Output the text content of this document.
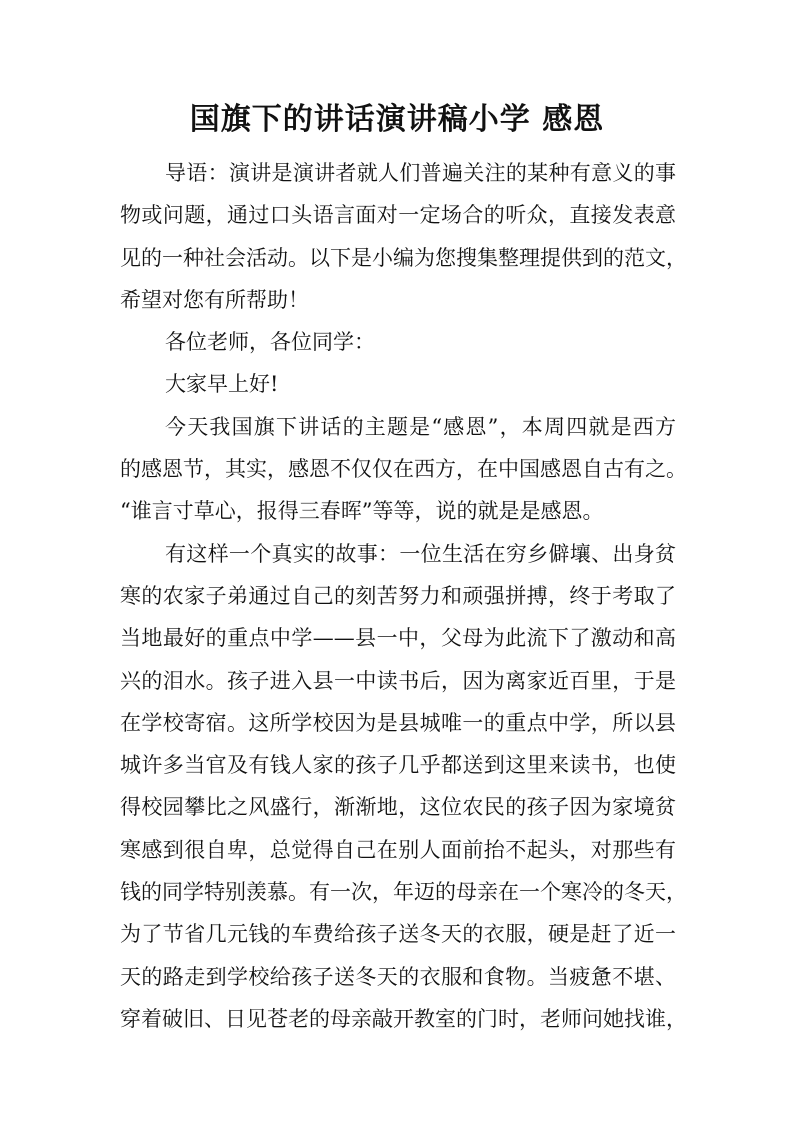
国旗下的讲话演讲稿小学 感恩
导语：演讲是演讲者就人们普遍关注的某种有意义的事
物或问题，通过口头语言面对一定场合的听众，直接发表意
见的一种社会活动。以下是小编为您搜集整理提供到的范文，
希望对您有所帮助！
各位老师，各位同学：
大家早上好!
今天我国旗下讲话的主题是“感恩”，本周四就是西方
的感恩节，其实，感恩不仅仅在西方，在中国感恩自古有之。
“谁言寸草心，报得三春晖”等等，说的就是是感恩。
有这样一个真实的故事：一位生活在穷乡僻壤、出身贫
寒的农家子弟通过自己的刻苦努力和顽强拼搏，终于考取了
当地最好的重点中学——县一中，父母为此流下了激动和高
兴的泪水。孩子进入县一中读书后，因为离家近百里，于是
在学校寄宿。这所学校因为是县城唯一的重点中学，所以县
城许多当官及有钱人家的孩子几乎都送到这里来读书，也使
得校园攀比之风盛行，渐渐地，这位农民的孩子因为家境贫
寒感到很自卑，总觉得自己在别人面前抬不起头，对那些有
钱的同学特别羡慕。有一次，年迈的母亲在一个寒冷的冬天，
为了节省几元钱的车费给孩子送冬天的衣服，硬是赶了近一
天的路走到学校给孩子送冬天的衣服和食物。当疲惫不堪、
穿着破旧、日见苍老的母亲敲开教室的门时，老师问她找谁，
